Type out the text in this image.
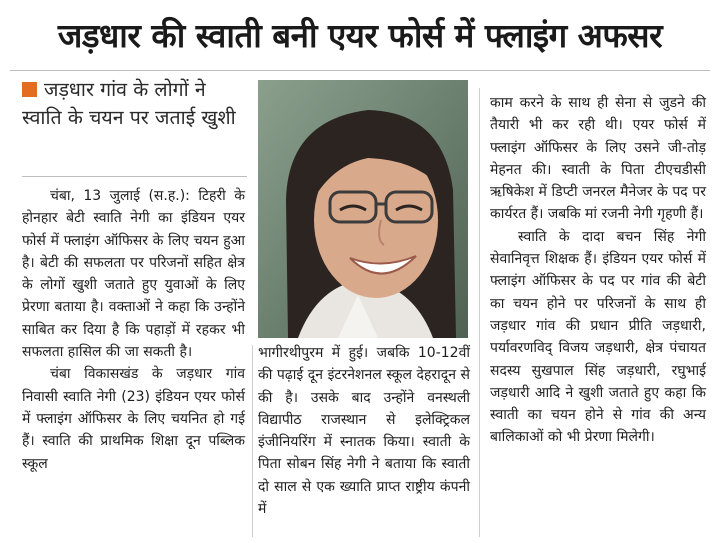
जड़धार की स्वाती बनी एयर फोर्स में फ्लाइंग अफसर
जड़धार गांव के लोगों ने स्वाति के चयन पर जताई खुशी

चंबा, 13 जुलाई (स.ह.): टिहरी के होनहार बेटी स्वाति नेगी का इंडियन एयर फोर्स में फ्लाइंग ऑफिसर के लिए चयन हुआ है। बेटी की सफलता पर परिजनों सहित क्षेत्र के लोगों खुशी जताते हुए युवाओं के लिए प्रेरणा बताया है। वक्ताओं ने कहा कि उन्होंने साबित कर दिया है कि पहाड़ों में रहकर भी सफलता हासिल की जा सकती है।

चंबा विकासखंड के जड़धार गांव निवासी स्वाति नेगी (23) इंडियन एयर फोर्स में फ्लाइंग ऑफिसर के लिए चयनित हो गई हैं। स्वाति की प्राथमिक शिक्षा दून पब्लिक स्कूल

भागीरथीपुरम में हुई। जबकि 10-12वीं की पढ़ाई दून इंटरनेशनल स्कूल देहरादून से की है। उसके बाद उन्होंने वनस्थली विद्यापीठ राजस्थान से इलेक्ट्रिकल इंजीनियरिंग में स्नातक किया। स्वाती के पिता सोबन सिंह नेगी ने बताया कि स्वाती दो साल से एक ख्याति प्राप्त राष्ट्रीय कंपनी में

काम करने के साथ ही सेना से जुडने की तैयारी भी कर रही थी। एयर फोर्स में फ्लाइंग ऑफिसर के लिए उसने जी-तोड़ मेहनत की। स्वाती के पिता टीएचडीसी ऋषिकेश में डिप्टी जनरल मैनेजर के पद पर कार्यरत हैं। जबकि मां रजनी नेगी गृहणी हैं।

स्वाति के दादा बचन सिंह नेगी सेवानिवृत्त शिक्षक हैं। इंडियन एयर फोर्स में फ्लाइंग ऑफिसर के पद पर गांव की बेटी का चयन होने पर परिजनों के साथ ही जड़धार गांव की प्रधान प्रीति जड़धारी, पर्यावरणविद् विजय जड़धारी, क्षेत्र पंचायत सदस्य सुखपाल सिंह जड़धारी, रघुभाई जड़धारी आदि ने खुशी जताते हुए कहा कि स्वाती का चयन होने से गांव की अन्य बालिकाओं को भी प्रेरणा मिलेगी।
